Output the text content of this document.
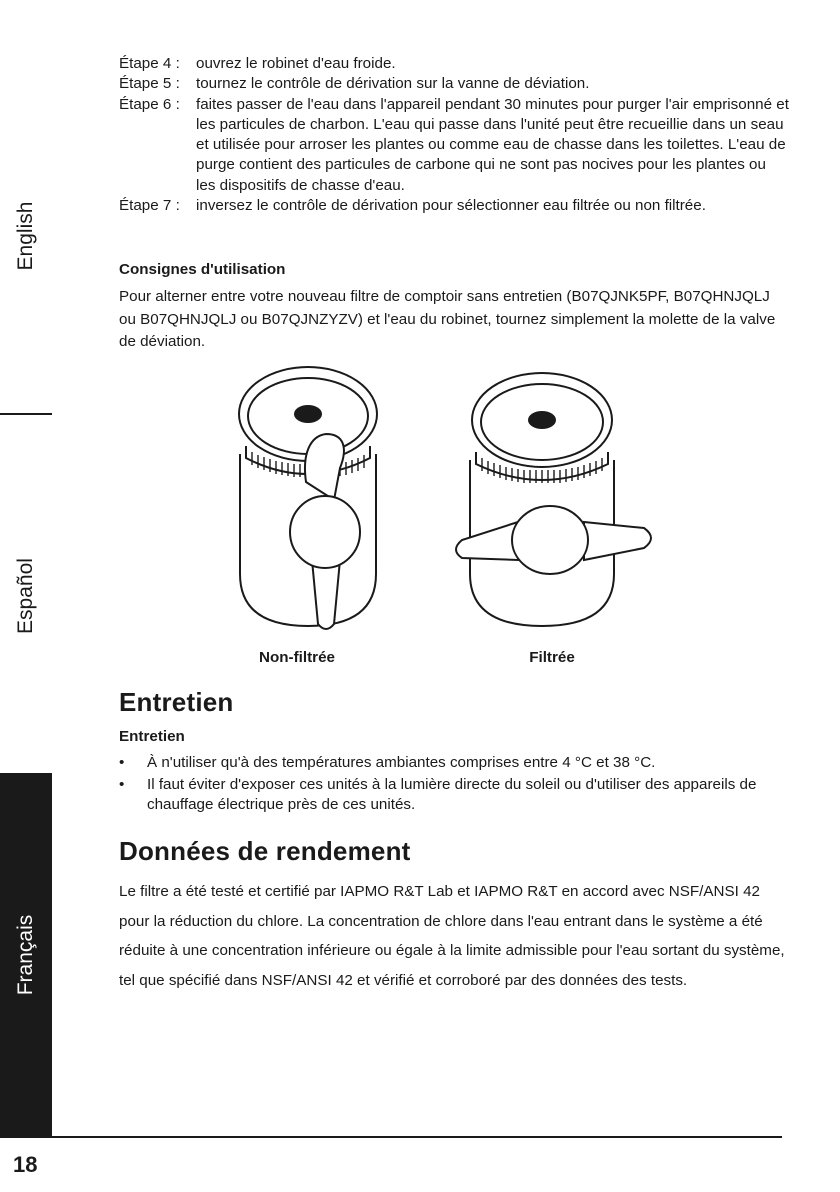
English
Español
Français
Étape 4 :	ouvrez le robinet d'eau froide.
Étape 5 :	tournez le contrôle de dérivation sur la vanne de déviation.
Étape 6 :	faites passer de l'eau dans l'appareil pendant 30 minutes pour purger l'air emprisonné et les particules de charbon. L'eau qui passe dans l'unité peut être recueillie dans un seau et utilisée pour arroser les plantes ou comme eau de chasse dans les toilettes. L'eau de purge contient des particules de carbone qui ne sont pas nocives pour les plantes ou les dispositifs de chasse d'eau.
Étape 7 :	inversez le contrôle de dérivation pour sélectionner eau filtrée ou non filtrée.
Consignes d'utilisation
Pour alterner entre votre nouveau filtre de comptoir sans entretien (B07QJNK5PF, B07QHNJQLJ ou B07QHNJQLJ ou B07QJNZYZV) et l'eau du robinet, tournez simplement la molette de la valve de déviation.
Non-filtrée	Filtrée
Entretien
Entretien
•	À n'utiliser qu'à des températures ambiantes comprises entre 4 °C et 38 °C.
•	Il faut éviter d'exposer ces unités à la lumière directe du soleil ou d'utiliser des appareils de chauffage électrique près de ces unités.
Données de rendement
Le filtre a été testé et certifié par IAPMO R&T Lab et IAPMO R&T en accord avec NSF/ANSI 42 pour la réduction du chlore. La concentration de chlore dans l'eau entrant dans le système a été réduite à une concentration inférieure ou égale à la limite admissible pour l'eau sortant du système, tel que spécifié dans NSF/ANSI 42 et vérifié et corroboré par des données des tests.
18
